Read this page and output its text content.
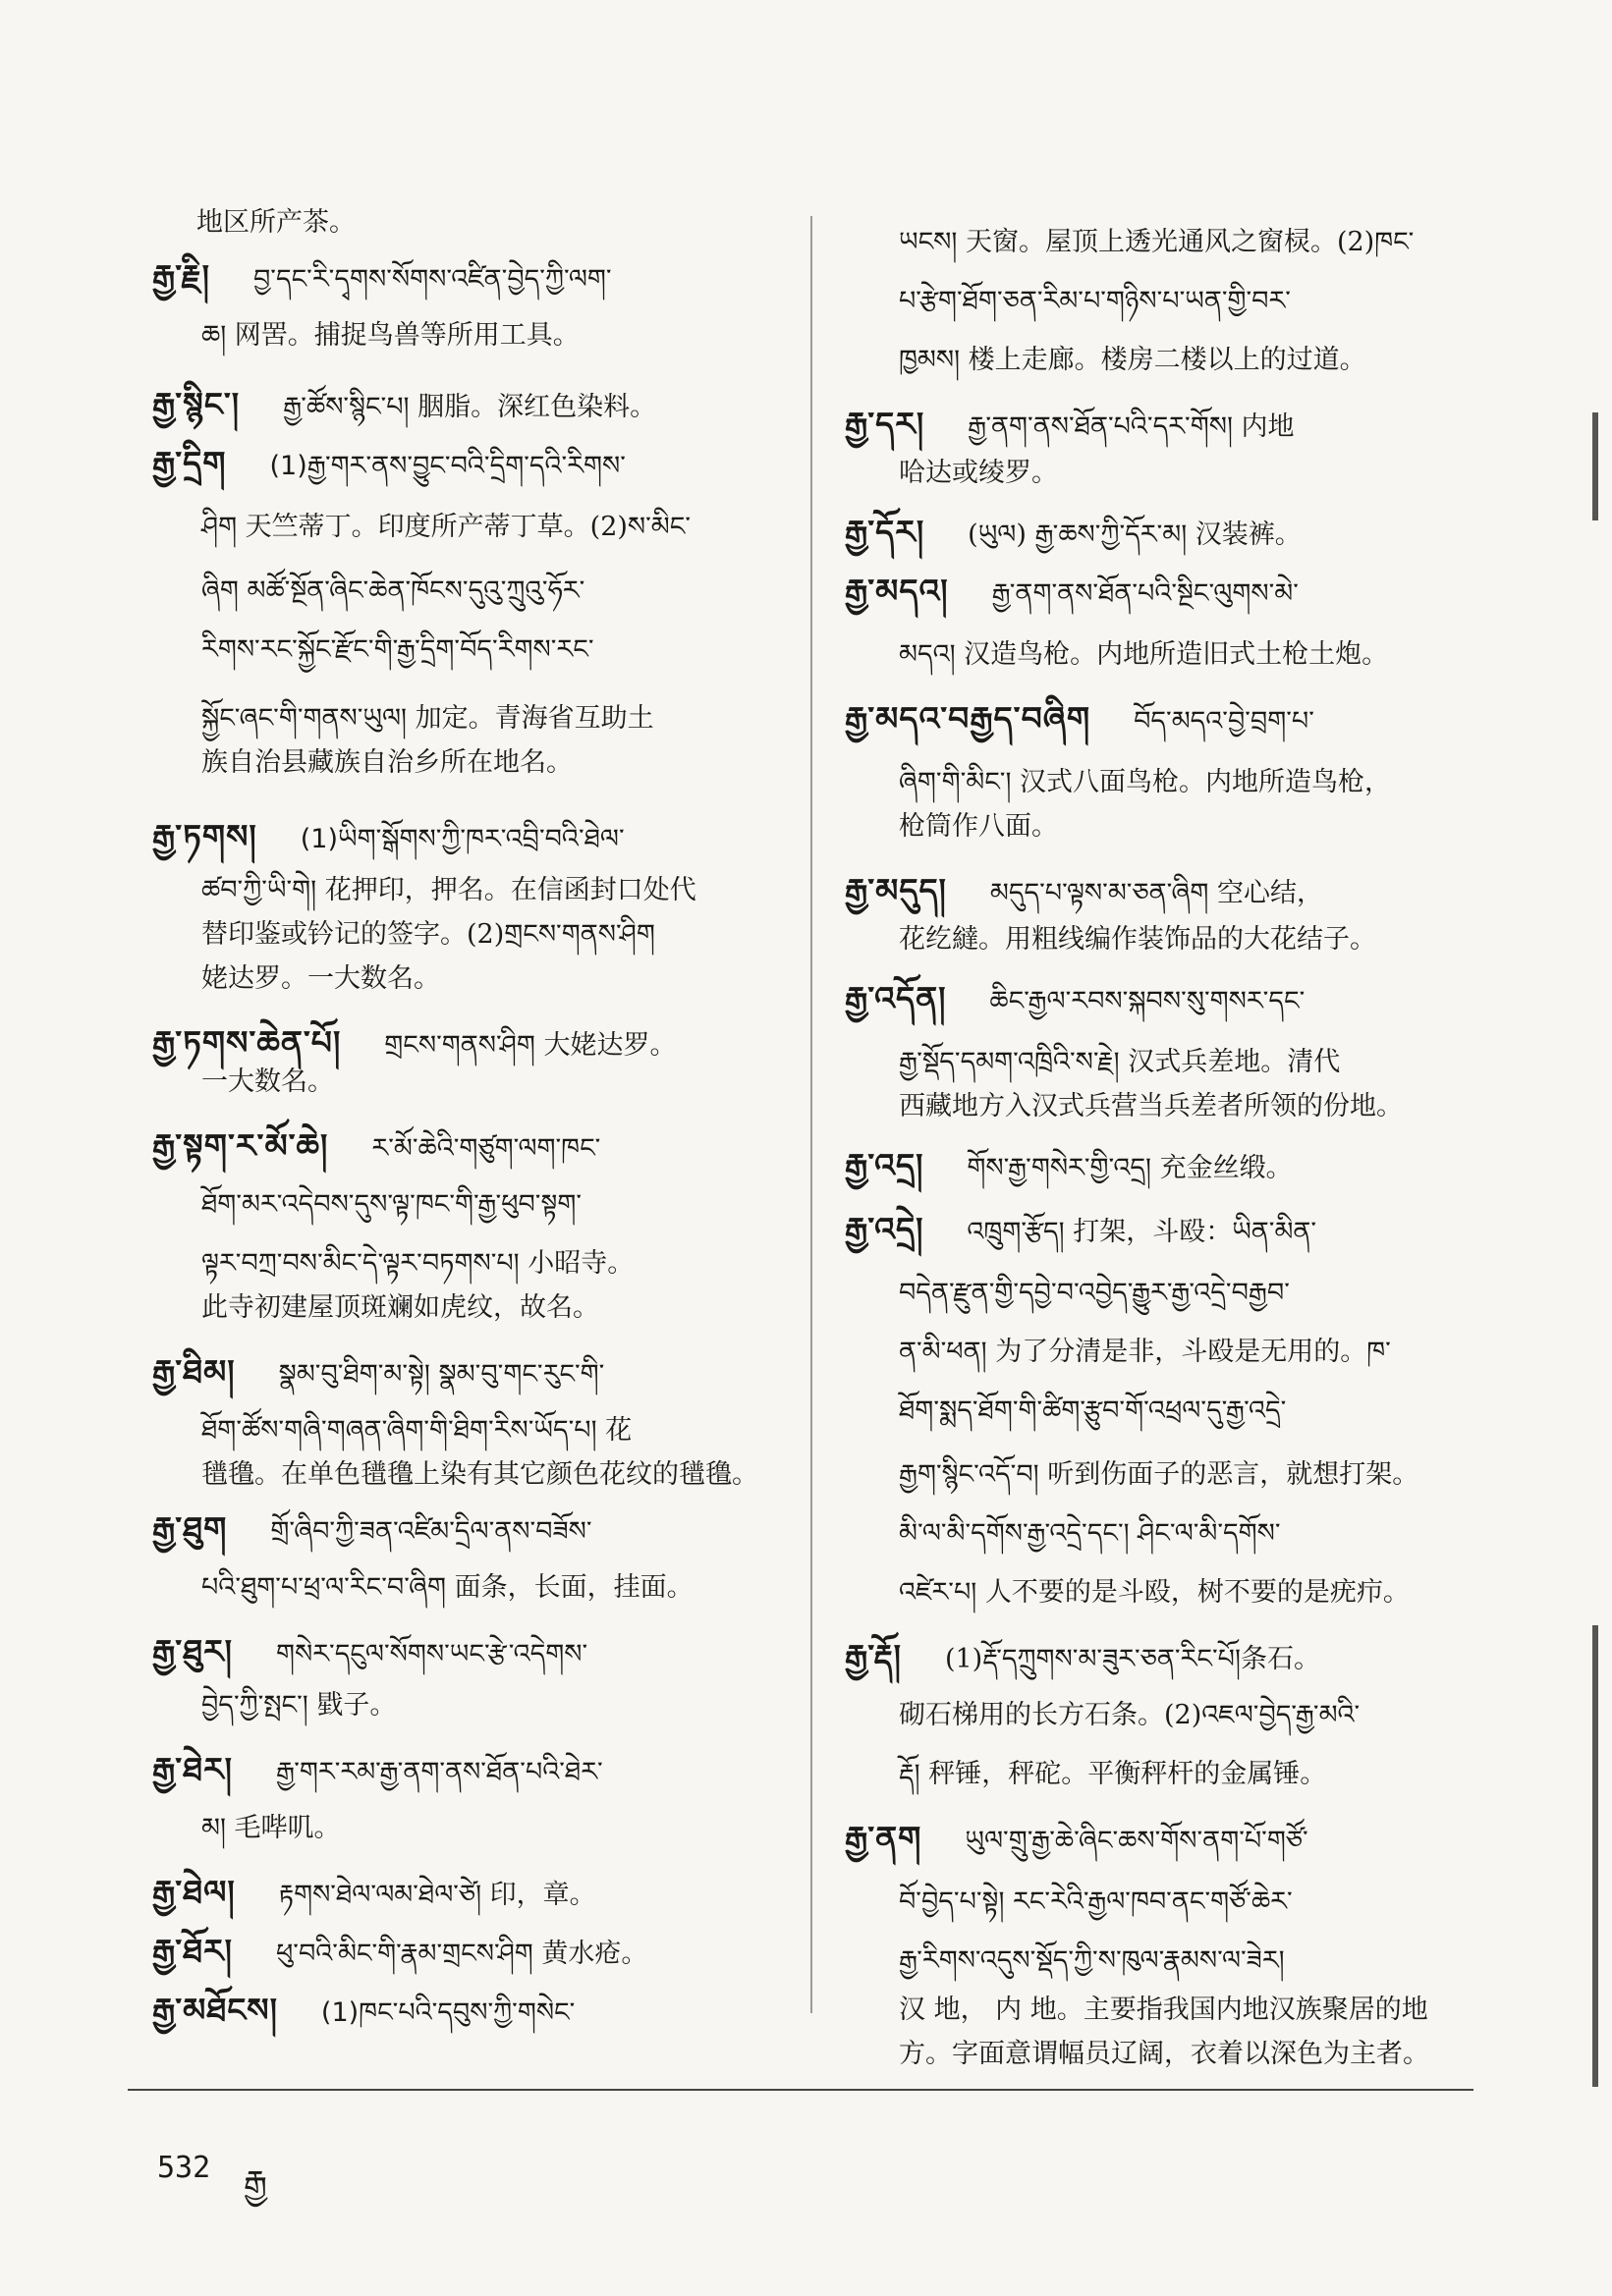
地区所产茶。
རྒྱ་རྗི། བྱ་དང་རི་དྭགས་སོགས་འཛིན་བྱེད་ཀྱི་ལག་
ཆ། 网罟。捕捉鸟兽等所用工具。
རྒྱ་སྙིང་། རྒྱ་ཚོས་སྙིང་པ། 胭脂。深红色染料。
རྒྱ་དྲིག (1)རྒྱ་གར་ནས་བྱུང་བའི་དྲིག་དའི་རིགས་
ཤིག 天竺蒂丁。印度所产蒂丁草。(2)ས་མིང་
ཞིག མཚོ་སྔོན་ཞིང་ཆེན་ཁོངས་དུའུ་ཀྲུའུ་ཧོར་
རིགས་རང་སྐྱོང་རྫོང་གི་རྒྱ་དྲིག་བོད་རིགས་རང་
སྐྱོང་ཞང་གི་གནས་ཡུལ། 加定。青海省互助土
族自治县藏族自治乡所在地名。
རྒྱ་ཏགས། (1)ཡིག་སྒོགས་ཀྱི་ཁར་འབྲི་བའི་ཐེལ་
ཚབ་ཀྱི་ཡི་གེ། 花押印，押名。在信函封口处代
替印鉴或钤记的签字。(2)གྲངས་གནས་ཤིག
姥达罗。一大数名。
རྒྱ་ཏགས་ཆེན་པོ། གྲངས་གནས་ཤིག 大姥达罗。
一大数名。
རྒྱ་སྟག་ར་མོ་ཆེ། ར་མོ་ཆེའི་གཙུག་ལག་ཁང་
ཐོག་མར་འདེབས་དུས་ལྟ་ཁང་གི་རྒྱ་ཕུབ་སྟག་
ལྟར་བཀྲ་བས་མིང་དེ་ལྟར་བཏགས་པ། 小昭寺。
此寺初建屋顶斑斓如虎纹，故名。
རྒྱ་ཐིམ། སྣམ་བུ་ཐིག་མ་སྟེ། སྣམ་བུ་གང་རུང་གི་
ཐོག་ཚོས་གཞི་གཞན་ཞིག་གི་ཐིག་རིས་ཡོད་པ། 花
氆氇。在单色氆氇上染有其它颜色花纹的氆氇。
རྒྱ་ཐུག གྲོ་ཞིབ་ཀྱི་ཟན་འཛིམ་དྲིལ་ནས་བཟོས་
པའི་ཐུག་པ་ཕྲ་ལ་རིང་བ་ཞིག 面条，长面，挂面。
རྒྱ་ཐུར། གསེར་དངུལ་སོགས་ཡང་རྩེ་འདེགས་
བྱེད་ཀྱི་སྤང་། 戥子。
རྒྱ་ཐེར། རྒྱ་གར་རམ་རྒྱ་ནག་ནས་ཐོན་པའི་ཐེར་
མ། 毛哔叽。
རྒྱ་ཐེལ། རྟགས་ཐེལ་ལམ་ཐེལ་ཙེ། 印，章。
རྒྱ་ཐོར། ཕུ་བའི་མིང་གི་རྣམ་གྲངས་ཤིག 黄水疮。
རྒྱ་མཐོངས། (1)ཁང་པའི་དབུས་ཀྱི་གསེང་
ཡངས། 天窗。屋顶上透光通风之窗棂。(2)ཁང་
པ་རྩེག་ཐོག་ཅན་རིམ་པ་གཉིས་པ་ཡན་གྱི་བར་
ཁྱམས། 楼上走廊。楼房二楼以上的过道。
རྒྱ་དར། རྒྱ་ནག་ནས་ཐོན་པའི་དར་གོས། 内地
哈达或绫罗。
རྒྱ་དོར། (ཡུལ) རྒྱ་ཆས་ཀྱི་དོར་མ། 汉装裤。
རྒྱ་མདའ། རྒྱ་ནག་ནས་ཐོན་པའི་སྔིང་ལུགས་མེ་
མདའ། 汉造鸟枪。内地所造旧式土枪土炮。
རྒྱ་མདའ་བརྒྱད་བཞིག བོད་མདའ་བྱེ་བྲག་པ་
ཞིག་གི་མིང་། 汉式八面鸟枪。内地所造鸟枪，
枪筒作八面。
རྒྱ་མདུད། མདུད་པ་ལྟས་མ་ཅན་ཞིག 空心结，
花纥繨。用粗线编作装饰品的大花结子。
རྒྱ་འདོན། ཆིང་རྒྱལ་རབས་སྐབས་སུ་གསར་དང་
རྒྱ་སྡོད་དམག་འཁྲིའི་ས་རྗེ། 汉式兵差地。清代
西藏地方入汉式兵营当兵差者所领的份地。
རྒྱ་འདྲ། གོས་རྒྱ་གསེར་གྱི་འདྲ། 充金丝缎。
རྒྱ་འདྲེ། འཁྲུག་རྩོད། 打架，斗殴：ཡིན་མིན་
བདེན་རྫུན་གྱི་དབྱེ་བ་འབྱེད་རྒྱུར་རྒྱ་འདྲེ་བརྒྱབ་
ན་མི་ཕན། 为了分清是非，斗殴是无用的。ཁ་
ཐོག་སྨད་ཐོག་གི་ཚིག་རྩུབ་གོ་འཕྲལ་དུ་རྒྱ་འདྲེ་
རྒྱག་སྙིང་འདོ་བ། 听到伤面子的恶言，就想打架。
མི་ལ་མི་དགོས་རྒྱ་འདྲེ་དང་། ཤིང་ལ་མི་དགོས་
འཛེར་པ། 人不要的是斗殴，树不要的是疣疖。
རྒྱ་རྡོ། (1)རྡོ་དཀྲུགས་མ་ཟུར་ཅན་རིང་པོ།条石。
砌石梯用的长方石条。(2)འཇལ་བྱེད་རྒྱ་མའི་
རྡོ། 秤锤，秤砣。平衡秤杆的金属锤。
རྒྱ་ནག ཡུལ་གྲུ་རྒྱ་ཆེ་ཞིང་ཆས་གོས་ནག་པོ་གཙོ་
བོ་བྱེད་པ་སྟེ། རང་རེའི་རྒྱལ་ཁབ་ནང་གཙོ་ཆེར་
རྒྱ་རིགས་འདུས་སྡོད་ཀྱི་ས་ཁུལ་རྣམས་ལ་ཟེར།
汉 地， 内 地。主要指我国内地汉族聚居的地
方。字面意谓幅员辽阔，衣着以深色为主者。
532 རྒྱ
